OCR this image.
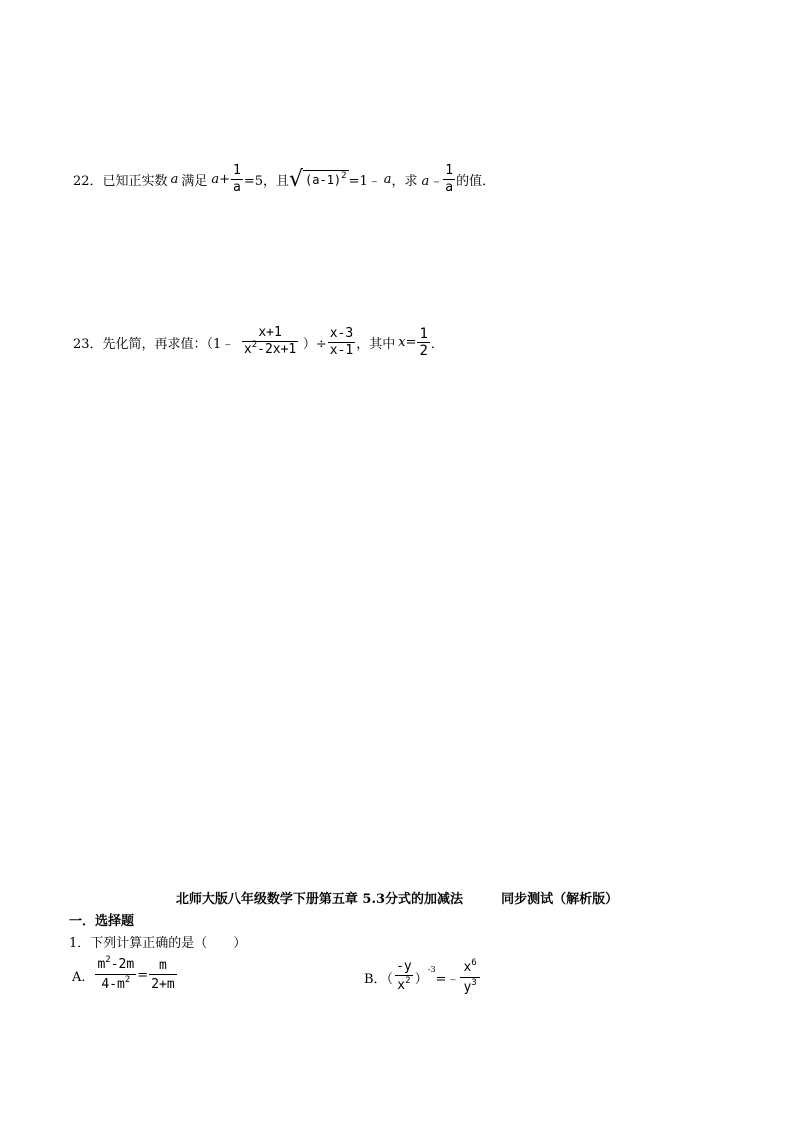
22． 已知正实数 a 满足 $a+ \frac{1}{a} =5$，且 √ $(a-1)^2$ =1﹣ a ，求 a﹣ $\frac{1}{a}$ 的值．
23． 先化简，再求值：（1﹣ $\frac{x+1}{x^2-2x+1}$ ）÷ $\frac{x-3}{x-1}$ ，其中 $x = \frac{1}{2}$ ．
北师大版八年级数学下册第五章 5.3分式的加减法	同步测试（解析版）
一．选择题
1．下列计算正确的是（　　）
A． $\frac{m^2-2m}{4-m^2} = \frac{m}{2+m}$	B．（ $\frac{-y}{x^2}$ ）
-3
=﹣ $\frac{x^6}{y^3}$
